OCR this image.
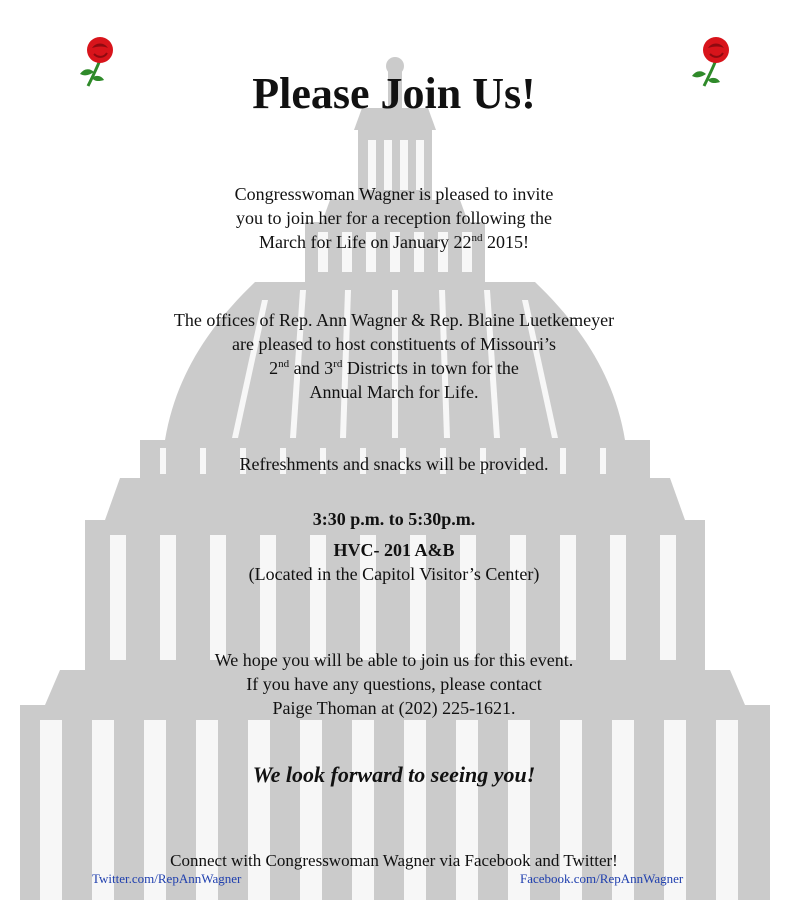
Please Join Us!
Congresswoman Wagner is pleased to invite
you to join her for a reception following the
March for Life on January 22nd 2015!
The offices of Rep. Ann Wagner & Rep. Blaine Luetkemeyer
are pleased to host constituents of Missouri’s
2nd and 3rd Districts in town for the
Annual March for Life.
Refreshments and snacks will be provided.
3:30 p.m. to 5:30p.m.
HVC- 201 A&B
(Located in the Capitol Visitor’s Center)
We hope you will be able to join us for this event.
If you have any questions, please contact
Paige Thoman at (202) 225-1621.
We look forward to seeing you!
Connect with Congresswoman Wagner via Facebook and Twitter!
Twitter.com/RepAnnWagner	Facebook.com/RepAnnWagner
